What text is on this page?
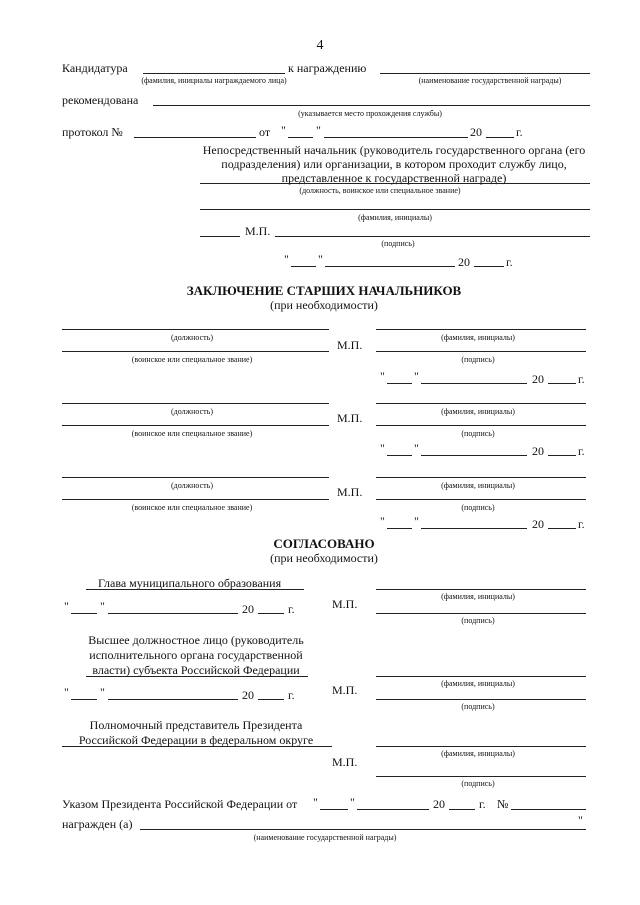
4
Кандидатура	к награждению
(фамилия, инициалы награждаемого лица)	(наименование государственной награды)
рекомендована
(указывается место прохождения службы)
протокол №	от "	"	20	г.
Непосредственный начальник (руководитель государственного органа (его
подразделения) или организации, в котором проходит службу лицо,
представленное к государственной награде)
(должность, воинское или специальное звание)
(фамилия, инициалы)
М.П.
(подпись)
" "	20	г.
ЗАКЛЮЧЕНИЕ СТАРШИХ НАЧАЛЬНИКОВ
(при необходимости)
(должность)
(воинское или специальное звание)
М.П.
(фамилия, инициалы)
(подпись)
" "	20	г.
(должность)
(воинское или специальное звание)
М.П.	(фамилия, инициалы)
(подпись)
" "	20	г.
(должность)
(воинское или специальное звание)
М.П.	(фамилия, инициалы)
(подпись)
" "	20	г.
СОГЛАСОВАНО
(при необходимости)
Глава муниципального образования
(фамилия, инициалы)
М.П.
"	"	20	г.
(подпись)
Высшее должностное лицо (руководитель
исполнительного органа государственной
власти) субъекта Российской Федерации
(фамилия, инициалы)
М.П.
"	"	20	г.
(подпись)
Полномочный представитель Президента
Российской Федерации в федеральном округе
(фамилия, инициалы)
М.П.
(подпись)
Указом Президента Российской Федерации от "	"	20	г. №
"
награжден (а)
(наименование государственной награды)
